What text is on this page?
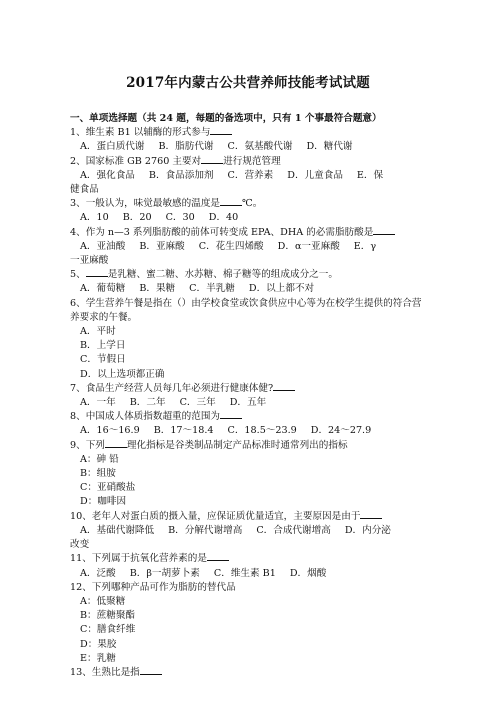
2017年内蒙古公共营养师技能考试试题
一、单项选择题（共 24 题，每题的备选项中，只有 1 个事最符合题意）
1、维生素 B1 以辅酶的形式参与
A．蛋白质代谢 B．脂肪代谢 C．氨基酸代谢 D．糖代谢
2、国家标准 GB 2760 主要对 进行规范管理
A．强化食品 B．食品添加剂 C．营养素 D．儿童食品 E．保
健食品
3、一般认为，味觉最敏感的温度是 ℃。
A．10 B．20 C．30 D．40
4、作为 n—3 系列脂肪酸的前体可转变成 EPA、DHA 的必需脂肪酸是
A．亚油酸 B．亚麻酸 C．花生四烯酸 D．α一亚麻酸 E．γ
一亚麻酸
5、 是乳糖、蜜二糖、水苏糖、棉子糖等的组成成分之一。
A．葡萄糖 B．果糖 C．半乳糖 D．以上都不对
6、学生营养午餐是指在（）由学校食堂或饮食供应中心等为在校学生提供的符合营养要求的午餐。
A．平时
B．上学日
C．节假日
D．以上选项都正确
7、食品生产经营人员每几年必须进行健康体健?
A．一年 B．二年 C．三年 D．五年
8、中国成人体质指数超重的范围为
A．16～16.9 B．17～18.4 C．18.5～23.9 D．24～27.9
9、下列 理化指标是谷类制品制定产品标准时通常列出的指标
A：砷 铅
B：组胺
C：亚硝酸盐
D：咖啡因
10、老年人对蛋白质的摄入量，应保证质优量适宜，主要原因是由于
A．基础代谢降低 B．分解代谢增高 C．合成代谢增高 D．内分泌
改变
11、下列属于抗氧化营养素的是
A．泛酸 B．β一胡萝卜素 C．维生素 B1 D．烟酸
12、下列哪种产品可作为脂肪的替代品
A：低聚糖
B：蔗糖聚酯
C：膳食纤维
D：果胶
E：乳糖
13、生熟比是指
